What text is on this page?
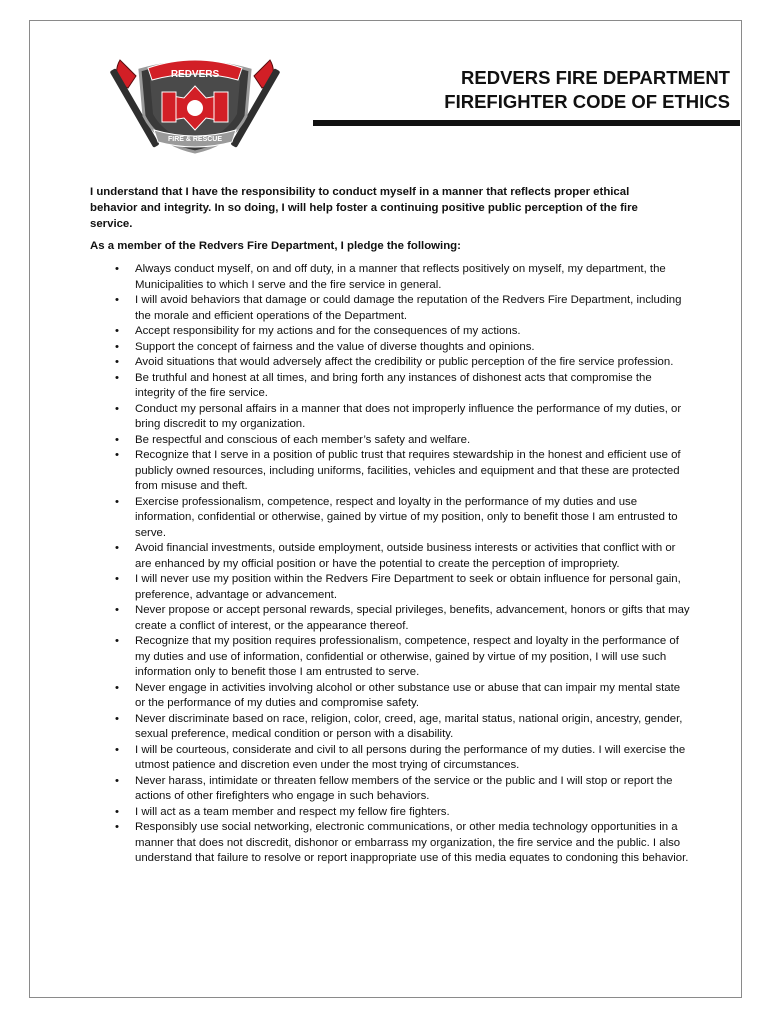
REDVERS
FIRE & RESCUE
REDVERS FIRE DEPARTMENT
FIREFIGHTER CODE OF ETHICS

I understand that I have the responsibility to conduct myself in a manner that reflects proper ethical behavior and integrity. In so doing, I will help foster a continuing positive public perception of the fire service.

As a member of the Redvers Fire Department, I pledge the following:

• Always conduct myself, on and off duty, in a manner that reflects positively on myself, my department, the Municipalities to which I serve and the fire service in general.
• I will avoid behaviors that damage or could damage the reputation of the Redvers Fire Department, including the morale and efficient operations of the Department.
• Accept responsibility for my actions and for the consequences of my actions.
• Support the concept of fairness and the value of diverse thoughts and opinions.
• Avoid situations that would adversely affect the credibility or public perception of the fire service profession.
• Be truthful and honest at all times, and bring forth any instances of dishonest acts that compromise the integrity of the fire service.
• Conduct my personal affairs in a manner that does not improperly influence the performance of my duties, or bring discredit to my organization.
• Be respectful and conscious of each member’s safety and welfare.
• Recognize that I serve in a position of public trust that requires stewardship in the honest and efficient use of publicly owned resources, including uniforms, facilities, vehicles and equipment and that these are protected from misuse and theft.
• Exercise professionalism, competence, respect and loyalty in the performance of my duties and use information, confidential or otherwise, gained by virtue of my position, only to benefit those I am entrusted to serve.
• Avoid financial investments, outside employment, outside business interests or activities that conflict with or are enhanced by my official position or have the potential to create the perception of impropriety.
• I will never use my position within the Redvers Fire Department to seek or obtain influence for personal gain, preference, advantage or advancement.
• Never propose or accept personal rewards, special privileges, benefits, advancement, honors or gifts that may create a conflict of interest, or the appearance thereof.
• Recognize that my position requires professionalism, competence, respect and loyalty in the performance of my duties and use of information, confidential or otherwise, gained by virtue of my position, I will use such information only to benefit those I am entrusted to serve.
• Never engage in activities involving alcohol or other substance use or abuse that can impair my mental state or the performance of my duties and compromise safety.
• Never discriminate based on race, religion, color, creed, age, marital status, national origin, ancestry, gender, sexual preference, medical condition or person with a disability.
• I will be courteous, considerate and civil to all persons during the performance of my duties. I will exercise the utmost patience and discretion even under the most trying of circumstances.
• Never harass, intimidate or threaten fellow members of the service or the public and I will stop or report the actions of other firefighters who engage in such behaviors.
• I will act as a team member and respect my fellow fire fighters.
• Responsibly use social networking, electronic communications, or other media technology opportunities in a manner that does not discredit, dishonor or embarrass my organization, the fire service and the public. I also understand that failure to resolve or report inappropriate use of this media equates to condoning this behavior.
